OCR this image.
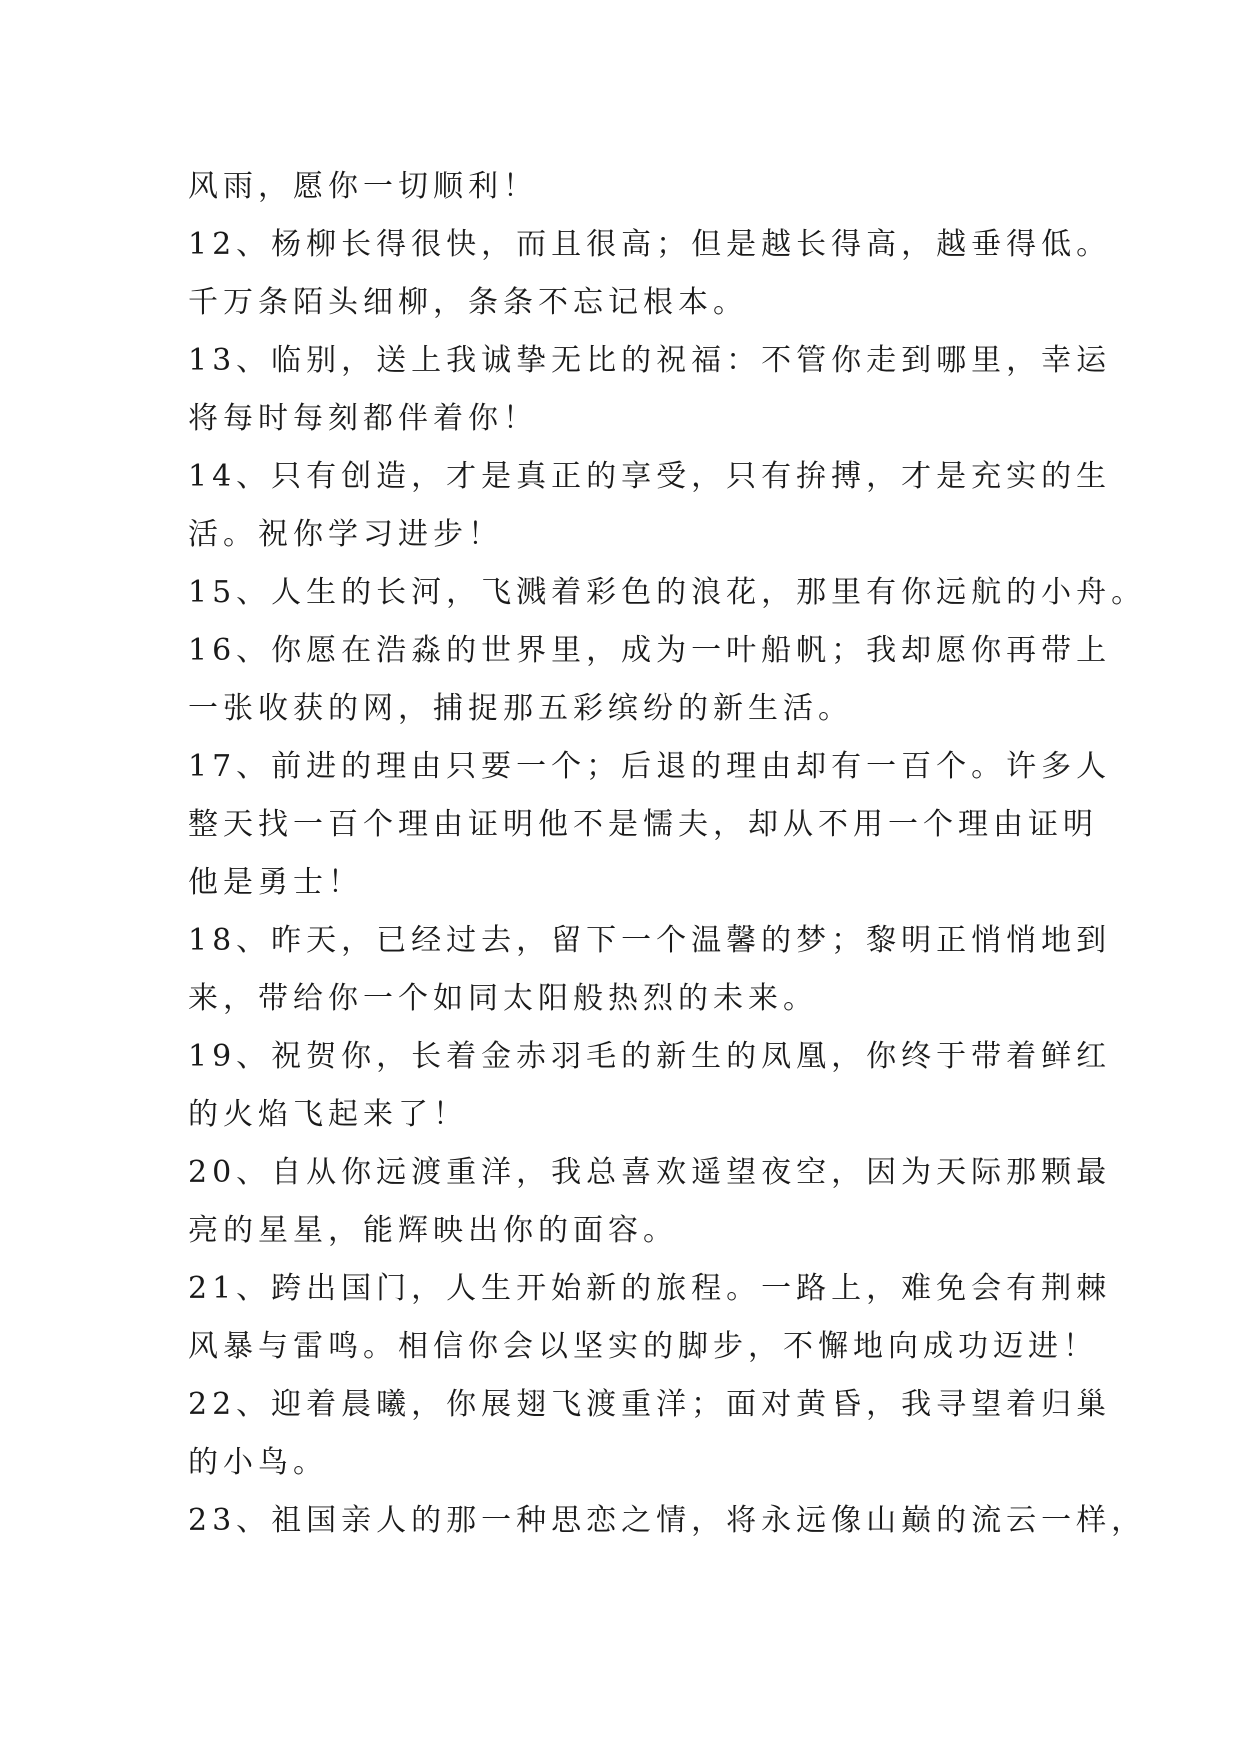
风雨，愿你一切顺利！
12、杨柳长得很快，而且很高；但是越长得高，越垂得低。
千万条陌头细柳，条条不忘记根本。
13、临别，送上我诚挚无比的祝福：不管你走到哪里，幸运
将每时每刻都伴着你！
14、只有创造，才是真正的享受，只有拚搏，才是充实的生
活。祝你学习进步！
15、人生的长河，飞溅着彩色的浪花，那里有你远航的小舟。
16、你愿在浩淼的世界里，成为一叶船帆；我却愿你再带上
一张收获的网，捕捉那五彩缤纷的新生活。
17、前进的理由只要一个；后退的理由却有一百个。许多人
整天找一百个理由证明他不是懦夫，却从不用一个理由证明
他是勇士！
18、昨天，已经过去，留下一个温馨的梦；黎明正悄悄地到
来，带给你一个如同太阳般热烈的未来。
19、祝贺你，长着金赤羽毛的新生的凤凰，你终于带着鲜红
的火焰飞起来了！
20、自从你远渡重洋，我总喜欢遥望夜空，因为天际那颗最
亮的星星，能辉映出你的面容。
21、跨出国门，人生开始新的旅程。一路上，难免会有荆棘
风暴与雷鸣。相信你会以坚实的脚步，不懈地向成功迈进！
22、迎着晨曦，你展翅飞渡重洋；面对黄昏，我寻望着归巢
的小鸟。
23、祖国亲人的那一种思恋之情，将永远像山巅的流云一样，
